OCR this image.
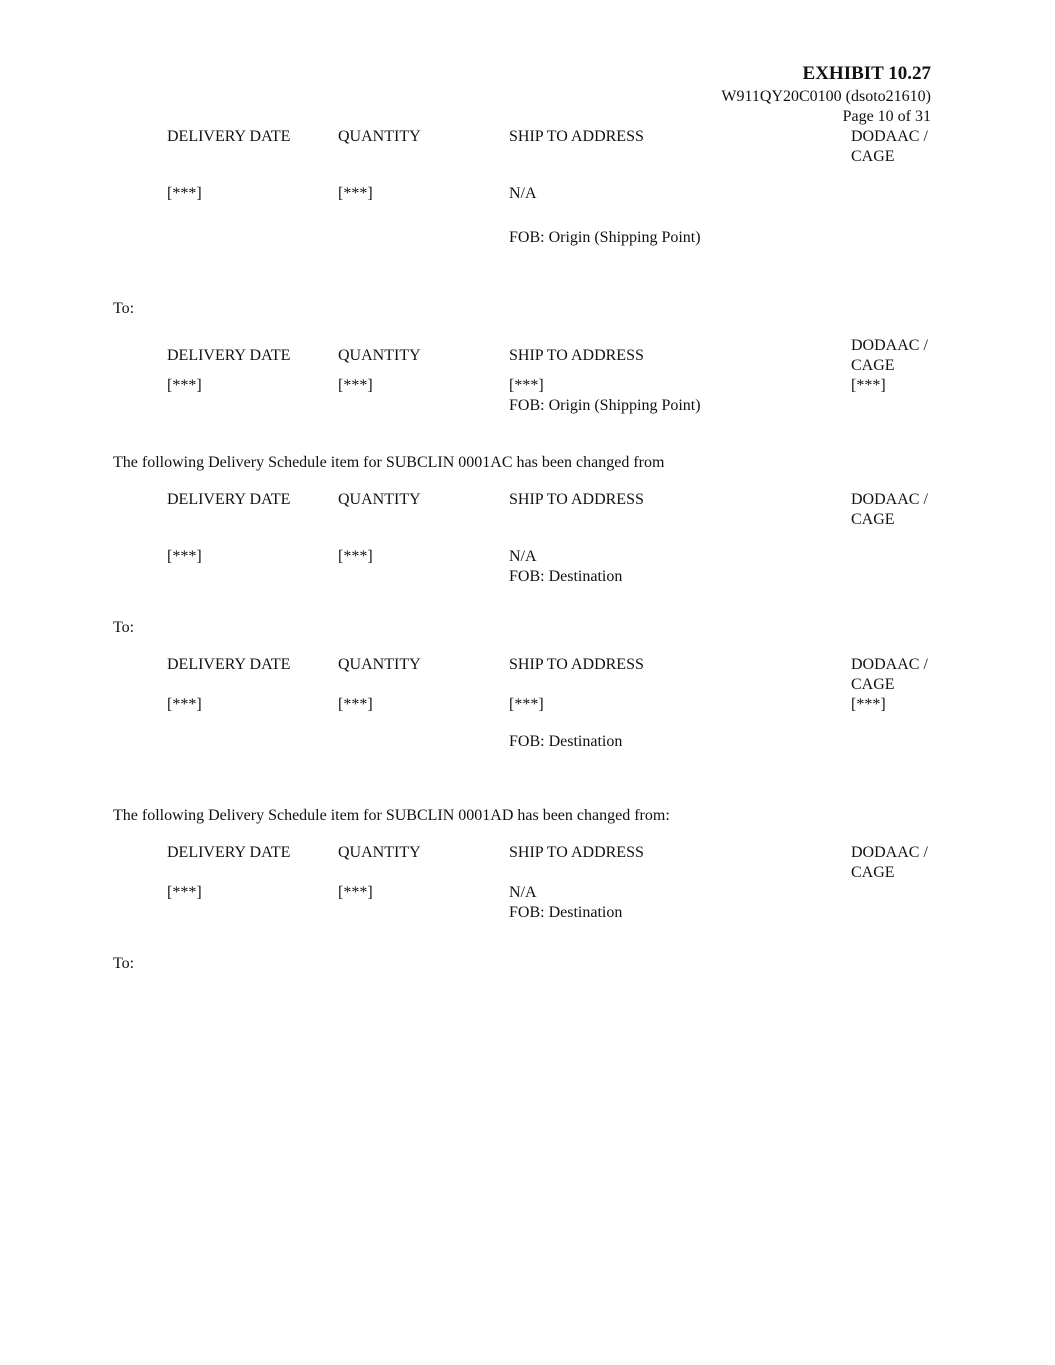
EXHIBIT 10.27
W911QY20C0100 (dsoto21610)
Page 10 of 31
DELIVERY DATE	QUANTITY	SHIP TO ADDRESS	DODAAC /
CAGE
[***]	[***]	N/A
FOB: Origin (Shipping Point)
To:
DELIVERY DATE	QUANTITY	SHIP TO ADDRESS
DODAAC /
CAGE
[***]	[***]	[***]	[***]
FOB: Origin (Shipping Point)
The following Delivery Schedule item for SUBCLIN 0001AC has been changed from
DELIVERY DATE	QUANTITY	SHIP TO ADDRESS	DODAAC /
CAGE
[***]	[***]	N/A
FOB: Destination
To:
DELIVERY DATE	QUANTITY	SHIP TO ADDRESS	DODAAC /
CAGE
[***]	[***]	[***]	[***]
FOB: Destination
The following Delivery Schedule item for SUBCLIN 0001AD has been changed from:
DELIVERY DATE	QUANTITY	SHIP TO ADDRESS	DODAAC /
CAGE
[***]	[***]	N/A
FOB: Destination
To:
